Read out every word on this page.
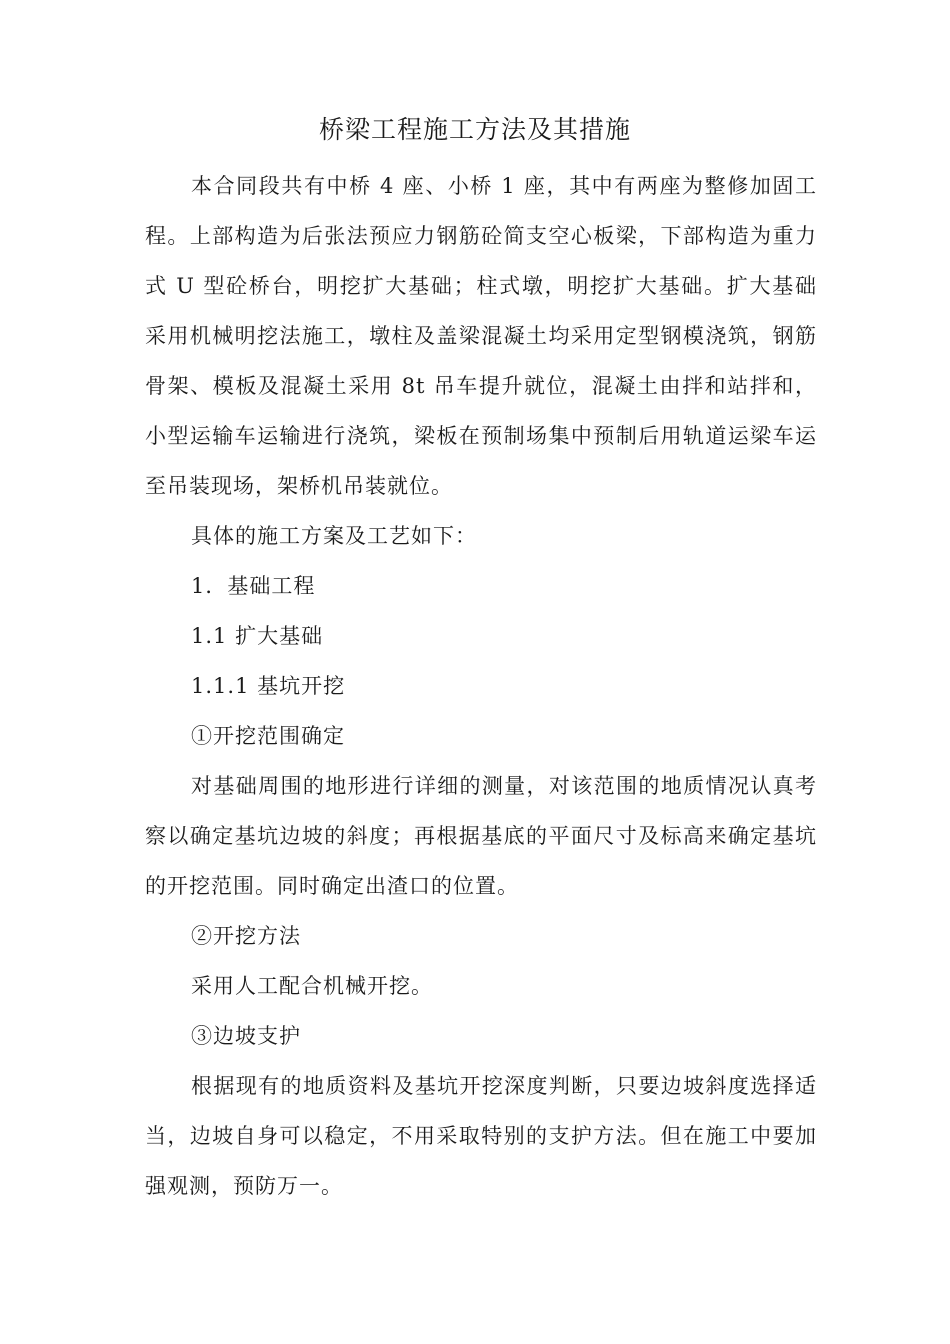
桥梁工程施工方法及其措施

本合同段共有中桥 4 座、小桥 1 座，其中有两座为整修加固工程。上部构造为后张法预应力钢筋砼简支空心板梁，下部构造为重力式 U 型砼桥台，明挖扩大基础；柱式墩，明挖扩大基础。扩大基础采用机械明挖法施工，墩柱及盖梁混凝土均采用定型钢模浇筑，钢筋骨架、模板及混凝土采用 8t 吊车提升就位，混凝土由拌和站拌和，小型运输车运输进行浇筑，梁板在预制场集中预制后用轨道运梁车运至吊装现场，架桥机吊装就位。

具体的施工方案及工艺如下：

1．基础工程

1.1 扩大基础

1.1.1 基坑开挖

①开挖范围确定

对基础周围的地形进行详细的测量，对该范围的地质情况认真考察以确定基坑边坡的斜度；再根据基底的平面尺寸及标高来确定基坑的开挖范围。同时确定出渣口的位置。

②开挖方法

采用人工配合机械开挖。

③边坡支护

根据现有的地质资料及基坑开挖深度判断，只要边坡斜度选择适当，边坡自身可以稳定，不用采取特别的支护方法。但在施工中要加强观测，预防万一。
